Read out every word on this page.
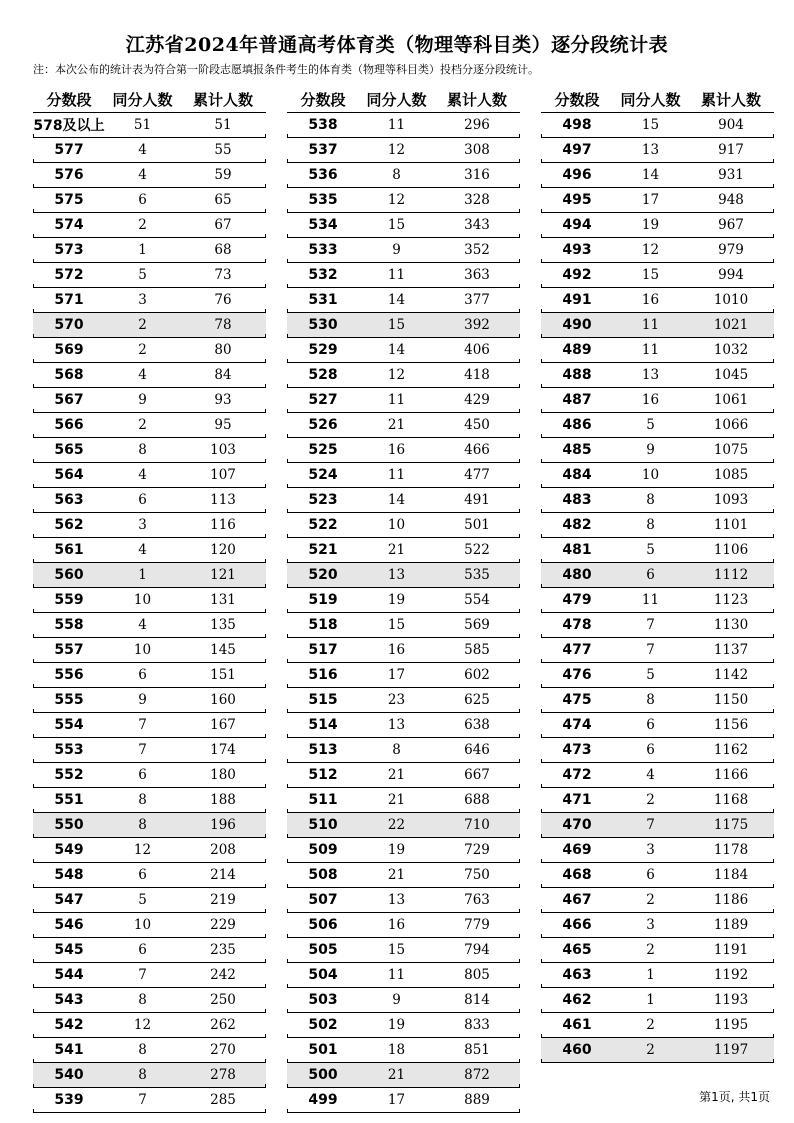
江苏省2024年普通高考体育类（物理等科目类）逐分段统计表
注：本次公布的统计表为符合第一阶段志愿填报条件考生的体育类（物理等科目类）投档分逐分段统计。
分数段	同分人数	累计人数
578及以上	51	51
577	4	55
576	4	59
575	6	65
574	2	67
573	1	68
572	5	73
571	3	76
570	2	78
569	2	80
568	4	84
567	9	93
566	2	95
565	8	103
564	4	107
563	6	113
562	3	116
561	4	120
560	1	121
559	10	131
558	4	135
557	10	145
556	6	151
555	9	160
554	7	167
553	7	174
552	6	180
551	8	188
550	8	196
549	12	208
548	6	214
547	5	219
546	10	229
545	6	235
544	7	242
543	8	250
542	12	262
541	8	270
540	8	278
539	7	285
分数段	同分人数	累计人数
538	11	296
537	12	308
536	8	316
535	12	328
534	15	343
533	9	352
532	11	363
531	14	377
530	15	392
529	14	406
528	12	418
527	11	429
526	21	450
525	16	466
524	11	477
523	14	491
522	10	501
521	21	522
520	13	535
519	19	554
518	15	569
517	16	585
516	17	602
515	23	625
514	13	638
513	8	646
512	21	667
511	21	688
510	22	710
509	19	729
508	21	750
507	13	763
506	16	779
505	15	794
504	11	805
503	9	814
502	19	833
501	18	851
500	21	872
499	17	889
分数段	同分人数	累计人数
498	15	904
497	13	917
496	14	931
495	17	948
494	19	967
493	12	979
492	15	994
491	16	1010
490	11	1021
489	11	1032
488	13	1045
487	16	1061
486	5	1066
485	9	1075
484	10	1085
483	8	1093
482	8	1101
481	5	1106
480	6	1112
479	11	1123
478	7	1130
477	7	1137
476	5	1142
475	8	1150
474	6	1156
473	6	1162
472	4	1166
471	2	1168
470	7	1175
469	3	1178
468	6	1184
467	2	1186
466	3	1189
465	2	1191
463	1	1192
462	1	1193
461	2	1195
460	2	1197
第1页, 共1页
